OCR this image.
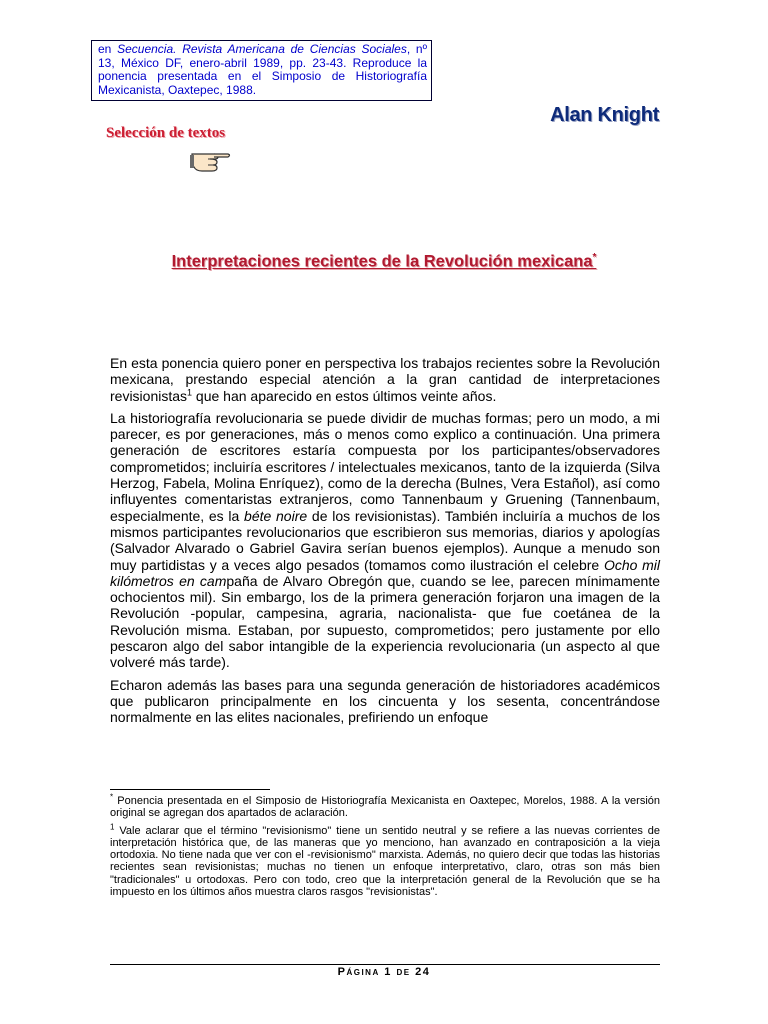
en Secuencia. Revista Americana de Ciencias Sociales, nº 13, México DF, enero-abril 1989, pp. 23-43. Reproduce la ponencia presentada en el Simposio de Historiografía Mexicanista, Oaxtepec, 1988.
Alan Knight
Selección de textos
Interpretaciones recientes de la Revolución mexicana*

En esta ponencia quiero poner en perspectiva los trabajos recientes sobre la Revolución mexicana, prestando especial atención a la gran cantidad de interpretaciones revisionistas$^1$ que han aparecido en estos últimos veinte años.

La historiografía revolucionaria se puede dividir de muchas formas; pero un modo, a mi parecer, es por generaciones, más o menos como explico a continuación. Una primera generación de escritores estaría compuesta por los participantes/observadores comprometidos; incluiría escritores / intelectuales mexicanos, tanto de la izquierda (Silva Herzog, Fabela, Molina Enríquez), como de la derecha (Bulnes, Vera Estañol), así como influyentes comentaristas extranjeros, como Tannenbaum y Gruening (Tannenbaum, especialmente, es la béte noire de los revisionistas). También incluiría a muchos de los mismos participantes revolucionarios que escribieron sus memorias, diarios y apologías (Salvador Alvarado o Gabriel Gavira serían buenos ejemplos). Aunque a menudo son muy partidistas y a veces algo pesados (tomamos como ilustración el celebre Ocho mil kilómetros en campaña de Alvaro Obregón que, cuando se lee, parecen mínimamente ochocientos mil). Sin embargo, los de la primera generación forjaron una imagen de la Revolución -popular, campesina, agraria, nacionalista- que fue coetánea de la Revolución misma. Estaban, por supuesto, comprometidos; pero justamente por ello pescaron algo del sabor intangible de la experiencia revolucionaria (un aspecto al que volveré más tarde).

Echaron además las bases para una segunda generación de historiadores académicos que publicaron principalmente en los cincuenta y los sesenta, concentrándose normalmente en las elites nacionales, prefiriendo un enfoque

* Ponencia presentada en el Simposio de Historiografía Mexicanista en Oaxtepec, Morelos, 1988. A la versión original se agregan dos apartados de aclaración.

$^1$ Vale aclarar que el término "revisionismo" tiene un sentido neutral y se refiere a las nuevas corrientes de interpretación histórica que, de las maneras que yo menciono, han avanzado en contraposición a la vieja ortodoxia. No tiene nada que ver con el -revisionismo" marxista. Además, no quiero decir que todas las historias recientes sean revisionistas; muchas no tienen un enfoque interpretativo, claro, otras son más bien "tradicionales" u ortodoxas. Pero con todo, creo que la interpretación general de la Revolución que se ha impuesto en los últimos años muestra claros rasgos "revisionistas".

Página 1 de 24
